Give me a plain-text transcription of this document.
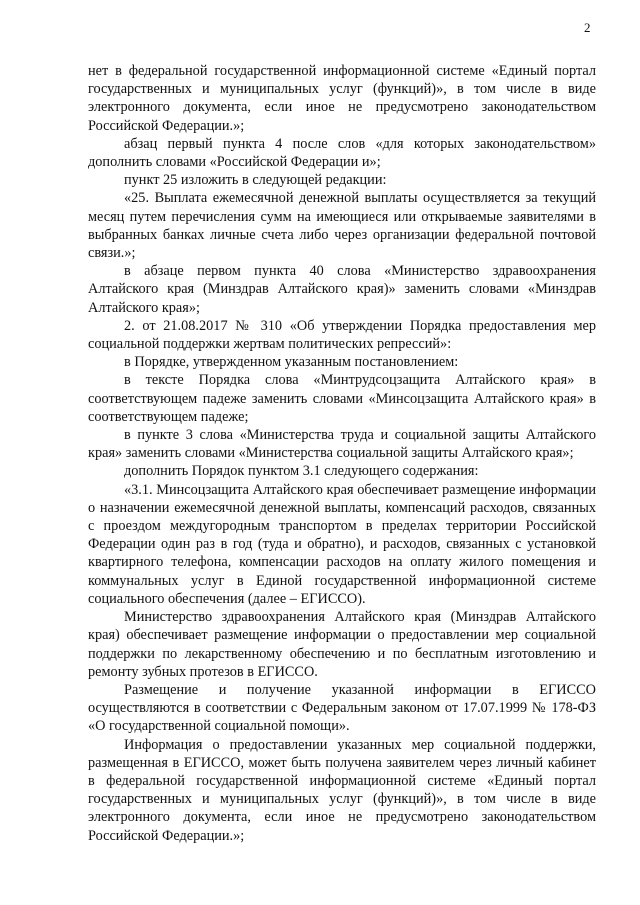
2

нет в федеральной государственной информационной системе «Единый портал государственных и муниципальных услуг (функций)», в том числе в виде электронного документа, если иное не предусмотрено законодательством Российской Федерации.»;

абзац первый пункта 4 после слов «для которых законодательством» дополнить словами «Российской Федерации и»;

пункт 25 изложить в следующей редакции:

«25. Выплата ежемесячной денежной выплаты осуществляется за текущий месяц путем перечисления сумм на имеющиеся или открываемые заявителями в выбранных банках личные счета либо через организации федеральной почтовой связи.»;

в абзаце первом пункта 40 слова «Министерство здравоохранения Алтайского края (Минздрав Алтайского края)» заменить словами «Минздрав Алтайского края»;

2. от 21.08.2017 № 310 «Об утверждении Порядка предоставления мер социальной поддержки жертвам политических репрессий»:

в Порядке, утвержденном указанным постановлением:

в тексте Порядка слова «Минтрудсоцзащита Алтайского края» в соответствующем падеже заменить словами «Минсоцзащита Алтайского края» в соответствующем падеже;

в пункте 3 слова «Министерства труда и социальной защиты Алтайского края» заменить словами «Министерства социальной защиты Алтайского края»;

дополнить Порядок пунктом 3.1 следующего содержания:

«3.1. Минсоцзащита Алтайского края обеспечивает размещение информации о назначении ежемесячной денежной выплаты, компенсаций расходов, связанных с проездом междугородным транспортом в пределах территории Российской Федерации один раз в год (туда и обратно), и расходов, связанных с установкой квартирного телефона, компенсации расходов на оплату жилого помещения и коммунальных услуг в Единой государственной информационной системе социального обеспечения (далее – ЕГИССО).

Министерство здравоохранения Алтайского края (Минздрав Алтайского края) обеспечивает размещение информации о предоставлении мер социальной поддержки по лекарственному обеспечению и по бесплатным изготовлению и ремонту зубных протезов в ЕГИССО.

Размещение и получение указанной информации в ЕГИССО осуществляются в соответствии с Федеральным законом от 17.07.1999 № 178-ФЗ «О государственной социальной помощи».

Информация о предоставлении указанных мер социальной поддержки, размещенная в ЕГИССО, может быть получена заявителем через личный кабинет в федеральной государственной информационной системе «Единый портал государственных и муниципальных услуг (функций)», в том числе в виде электронного документа, если иное не предусмотрено законодательством Российской Федерации.»;
